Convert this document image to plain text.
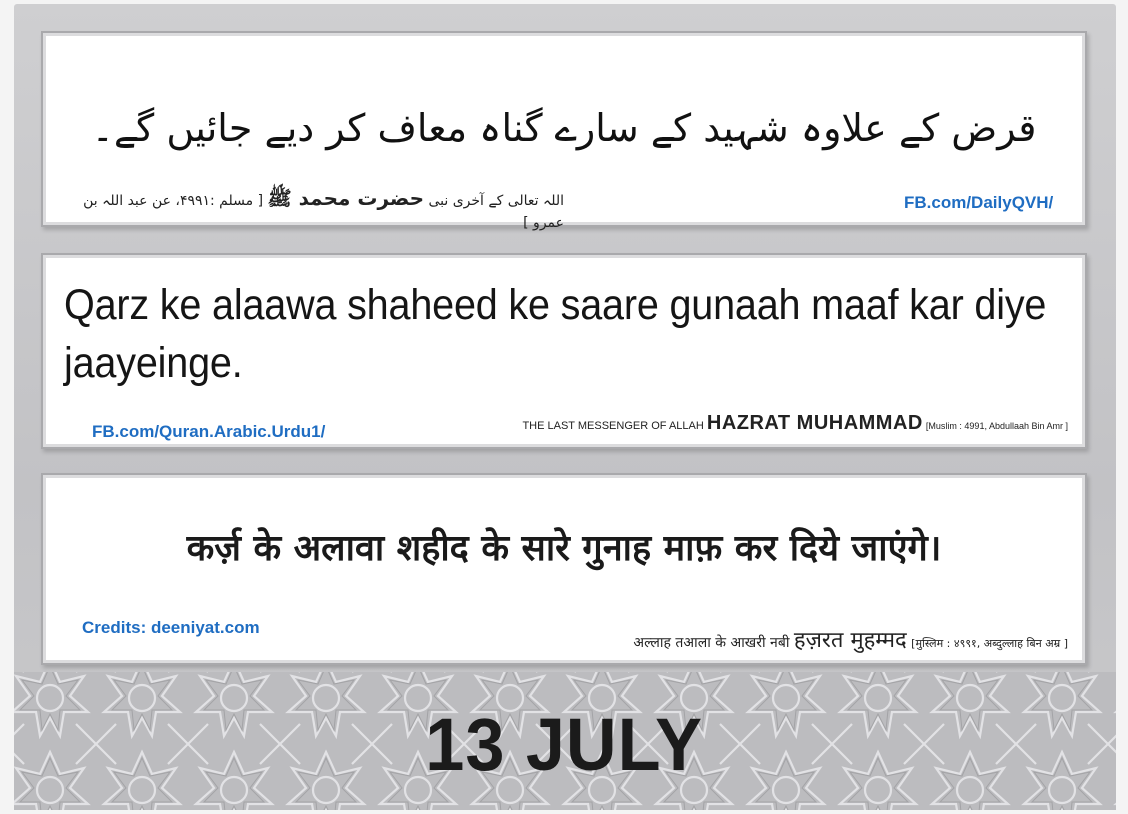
قرض کے علاوہ شہید کے سارے گناہ معاف کر دیے جائیں گے۔
اللہ تعالی کے آخری نبی حضرت محمد ﷺ [ مسلم :۴۹۹۱، عن عبد اللہ بن عمرو ]
FB.com/DailyQVH/
Qarz ke alaawa shaheed ke saare gunaah maaf kar diye jaayeinge.
THE LAST MESSENGER OF ALLAH HAZRAT MUHAMMAD [Muslim : 4991, Abdullaah Bin Amr ]
FB.com/Quran.Arabic.Urdu1/
कर्ज़ के अलावा शहीद के सारे गुनाह माफ़ कर दिये जाएंगे।
Credits: deeniyat.com
अल्लाह तआला के आखरी नबी हज़रत मुहम्मद [मुस्लिम : ४९९१, अब्दुल्लाह बिन अम्र ]
13 JULY
